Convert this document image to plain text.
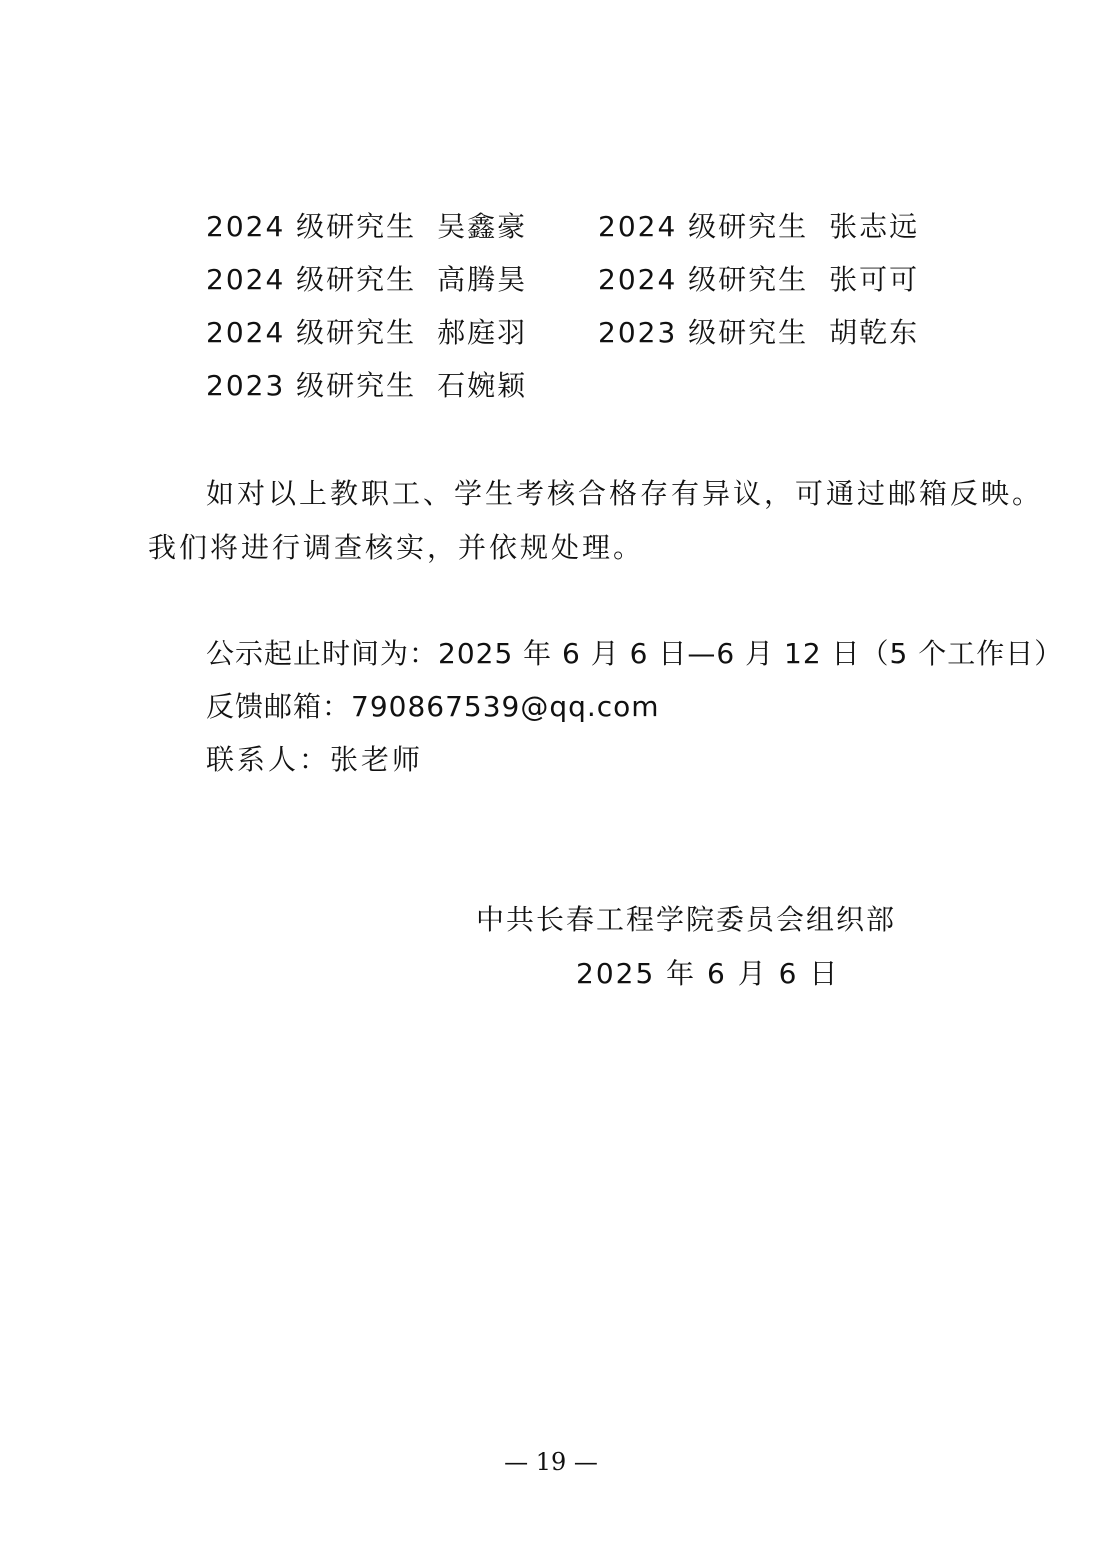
2024 级研究生 吴鑫豪	2024 级研究生 张志远
2024 级研究生 高腾昊	2024 级研究生 张可可
2024 级研究生 郝庭羽	2023 级研究生 胡乾东
2023 级研究生 石婉颖
如对以上教职工、学生考核合格存有异议，可通过邮箱反映。
我们将进行调查核实，并依规处理。
公示起止时间为：2025 年 6 月 6 日—6 月 12 日（5 个工作日）
反馈邮箱：790867539@qq.com
联系人：张老师
中共长春工程学院委员会组织部
2025 年 6 月 6 日
— 19 —
